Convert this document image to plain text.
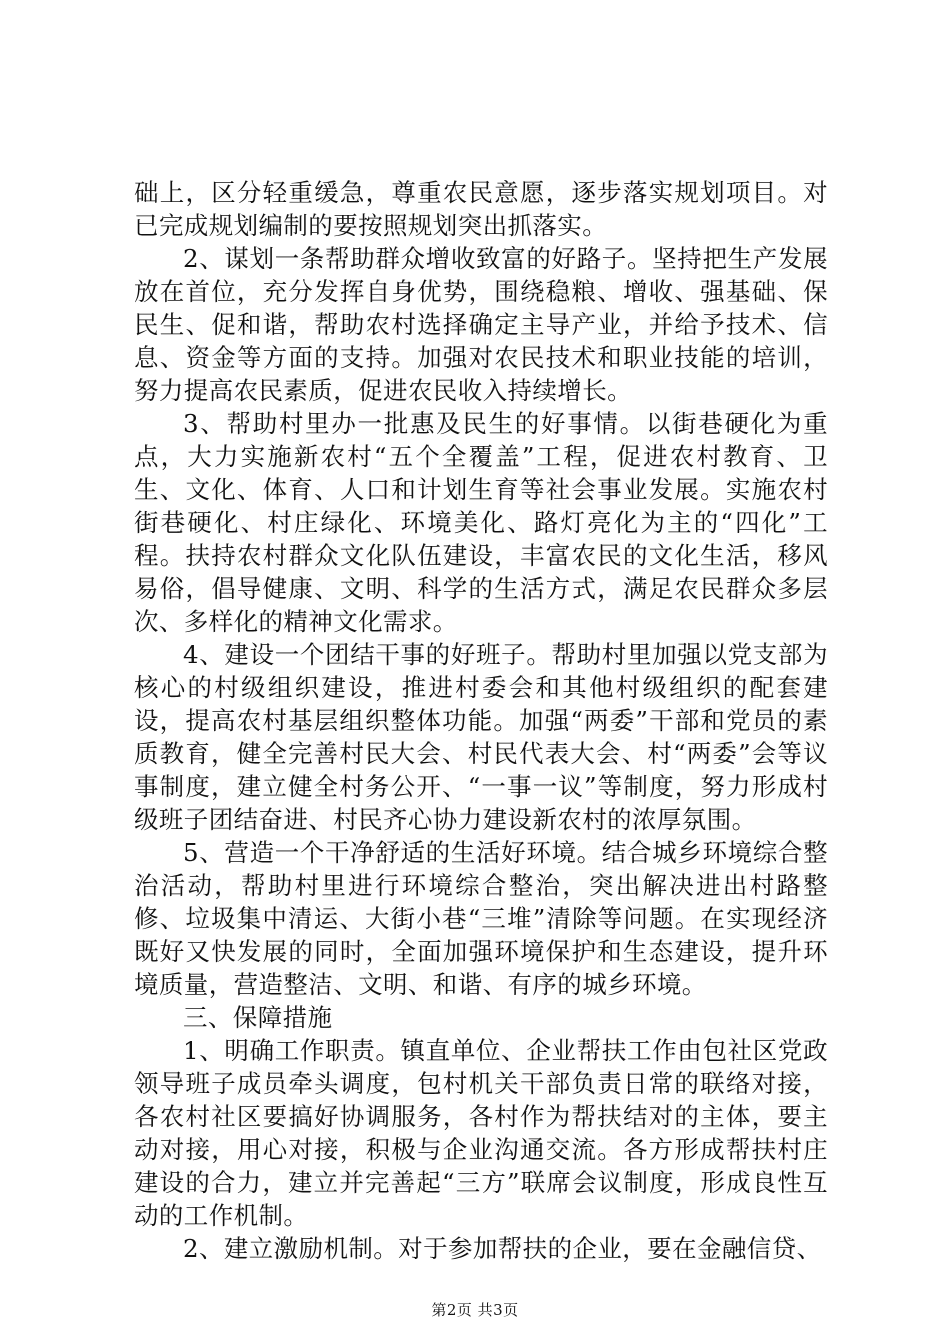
础上，区分轻重缓急，尊重农民意愿，逐步落实规划项目。对已完成规划编制的要按照规划突出抓落实。

2、谋划一条帮助群众增收致富的好路子。坚持把生产发展放在首位，充分发挥自身优势，围绕稳粮、增收、强基础、保民生、促和谐，帮助农村选择确定主导产业，并给予技术、信息、资金等方面的支持。加强对农民技术和职业技能的培训，努力提高农民素质，促进农民收入持续增长。

3、帮助村里办一批惠及民生的好事情。以街巷硬化为重点，大力实施新农村“五个全覆盖”工程，促进农村教育、卫生、文化、体育、人口和计划生育等社会事业发展。实施农村街巷硬化、村庄绿化、环境美化、路灯亮化为主的“四化”工程。扶持农村群众文化队伍建设，丰富农民的文化生活，移风易俗，倡导健康、文明、科学的生活方式，满足农民群众多层次、多样化的精神文化需求。

4、建设一个团结干事的好班子。帮助村里加强以党支部为核心的村级组织建设，推进村委会和其他村级组织的配套建设，提高农村基层组织整体功能。加强“两委”干部和党员的素质教育，健全完善村民大会、村民代表大会、村“两委”会等议事制度，建立健全村务公开、“一事一议”等制度，努力形成村级班子团结奋进、村民齐心协力建设新农村的浓厚氛围。

5、营造一个干净舒适的生活好环境。结合城乡环境综合整治活动，帮助村里进行环境综合整治，突出解决进出村路整修、垃圾集中清运、大街小巷“三堆”清除等问题。在实现经济既好又快发展的同时，全面加强环境保护和生态建设，提升环境质量，营造整洁、文明、和谐、有序的城乡环境。

三、保障措施

1、明确工作职责。镇直单位、企业帮扶工作由包社区党政领导班子成员牵头调度，包村机关干部负责日常的联络对接，各农村社区要搞好协调服务，各村作为帮扶结对的主体，要主动对接，用心对接，积极与企业沟通交流。各方形成帮扶村庄建设的合力，建立并完善起“三方”联席会议制度，形成良性互动的工作机制。

2、建立激励机制。对于参加帮扶的企业，要在金融信贷、

第2页 共3页
